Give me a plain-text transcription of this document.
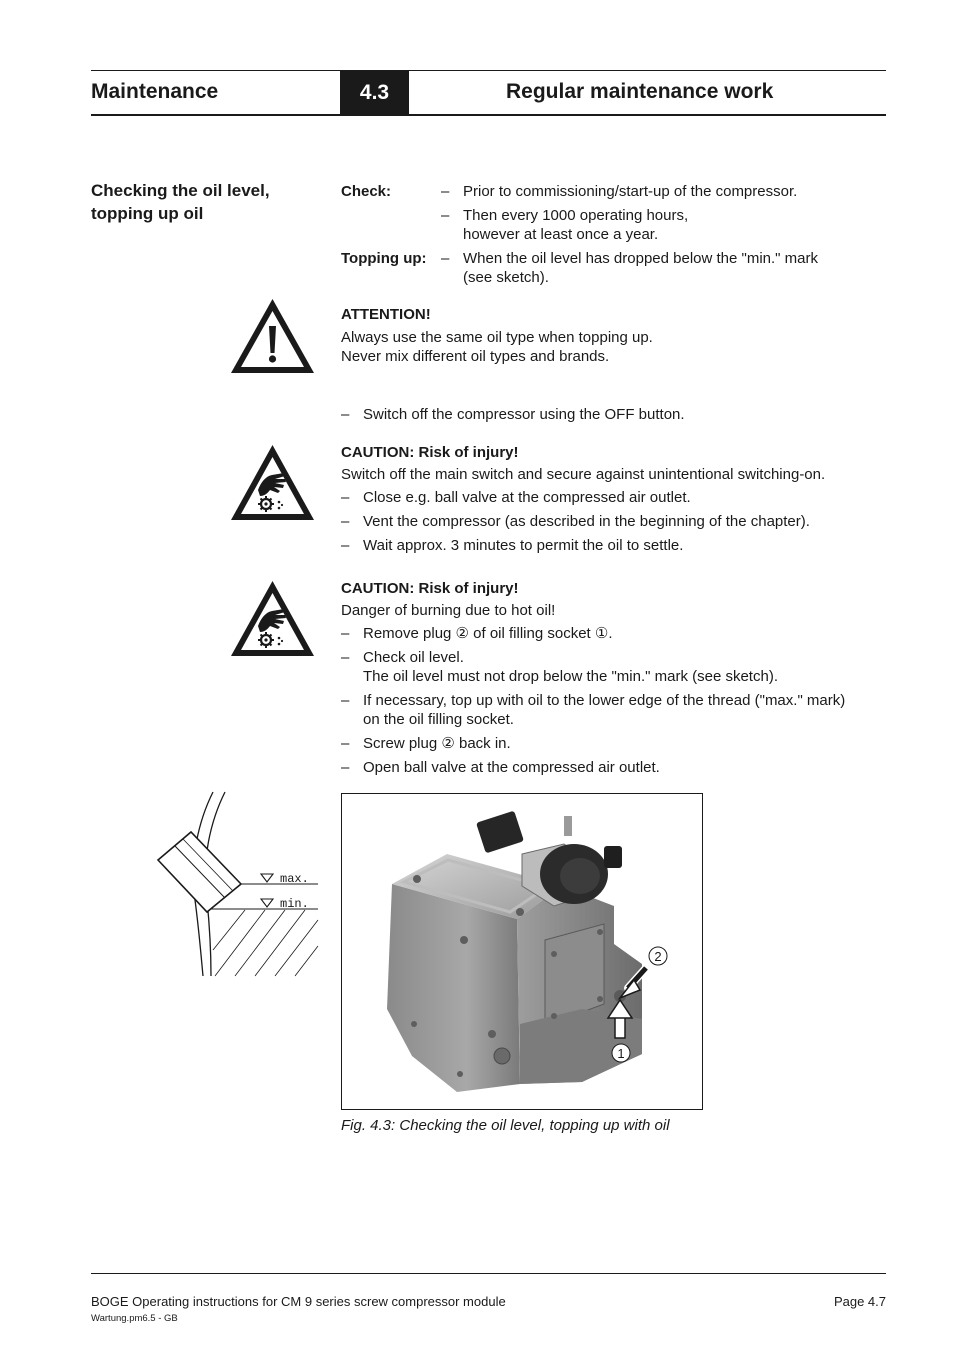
Maintenance	4.3	Regular maintenance work
Checking the oil level,
topping up oil
Check:	– Prior to commissioning/start-up of the compressor.
– Then every 1000 operating hours,
however at least once a year.
Topping up: – When the oil level has dropped below the "min." mark
(see sketch).
ATTENTION!
Always use the same oil type when topping up.
Never mix different oil types and brands.
– Switch off the compressor using the OFF button.
CAUTION: Risk of injury!
Switch off the main switch and secure against unintentional switching-on.
– Close e.g. ball valve at the compressed air outlet.
– Vent the compressor (as described in the beginning of the chapter).
– Wait approx. 3 minutes to permit the oil to settle.
CAUTION: Risk of injury!
Danger of burning due to hot oil!
– Remove plug ② of oil filling socket ①.
– Check oil level.
The oil level must not drop below the "min." mark (see sketch).
– If necessary, top up with oil to the lower edge of the thread ("max." mark)
on the oil filling socket.
– Screw plug ② back in.
– Open ball valve at the compressed air outlet.
max.
min.
2
1
Fig. 4.3: Checking the oil level, topping up with oil
BOGE Operating instructions for CM 9 series screw compressor module
Wartung.pm6.5 - GB
Page 4.7
